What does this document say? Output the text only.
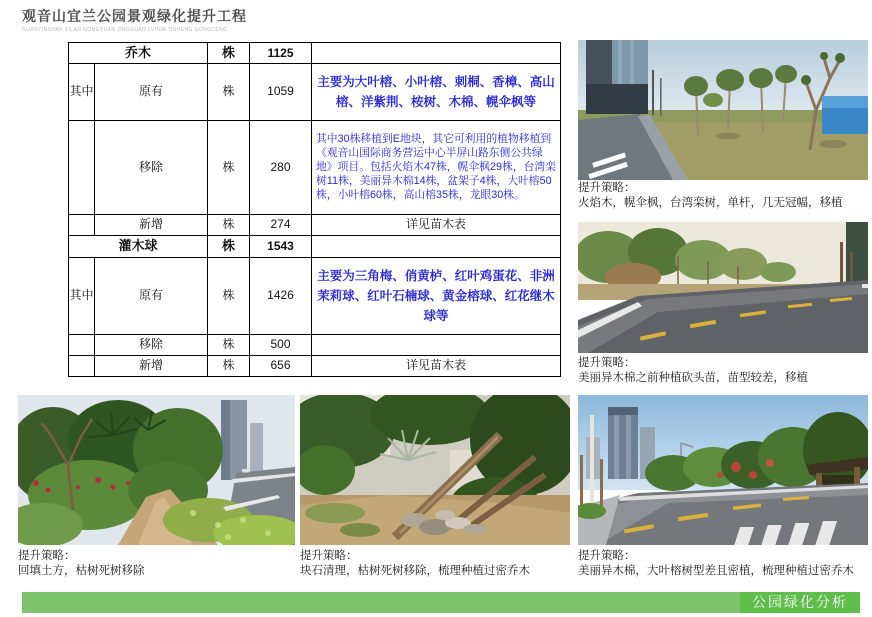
观音山宜兰公园景观绿化提升工程
GUANYINSHAN YILAN GONGYUAN JINGGUAN LVHUA TISHENG GONGCENG
乔木		株	1125	
其中	原有	株	1059	主要为大叶榕、小叶榕、刺桐、香樟、高山榕、洋紫荆、桉树、木棉、幌伞枫等
	移除	株	280	其中30株移植到E地块，其它可利用的植物移植到《观音山国际商务营运中心半屏山路东侧公共绿地》项目。包括火焰木47株，幌伞枫29株，台湾栾树11株，美丽异木棉14株，盆架子4株，大叶榕50株，小叶榕60株，高山榕35株，龙眼30株。
	新增	株	274	详见苗木表
灌木球		株	1543	
其中	原有	株	1426	主要为三角梅、俏黄栌、红叶鸡蛋花、非洲茉莉球、红叶石楠球、黄金榕球、红花继木球等
	移除	株	500	
	新增	株	656	详见苗木表
提升策略：
火焰木，幌伞枫，台湾栾树，单杆，几无冠幅，移植
提升策略：
美丽异木棉之前种植砍头苗，苗型较差，移植
提升策略：
回填土方，枯树死树移除
提升策略：
块石清理，枯树死树移除，梳理种植过密乔木
提升策略：
美丽异木棉，大叶榕树型差且密植，梳理种植过密乔木
公园绿化分析
